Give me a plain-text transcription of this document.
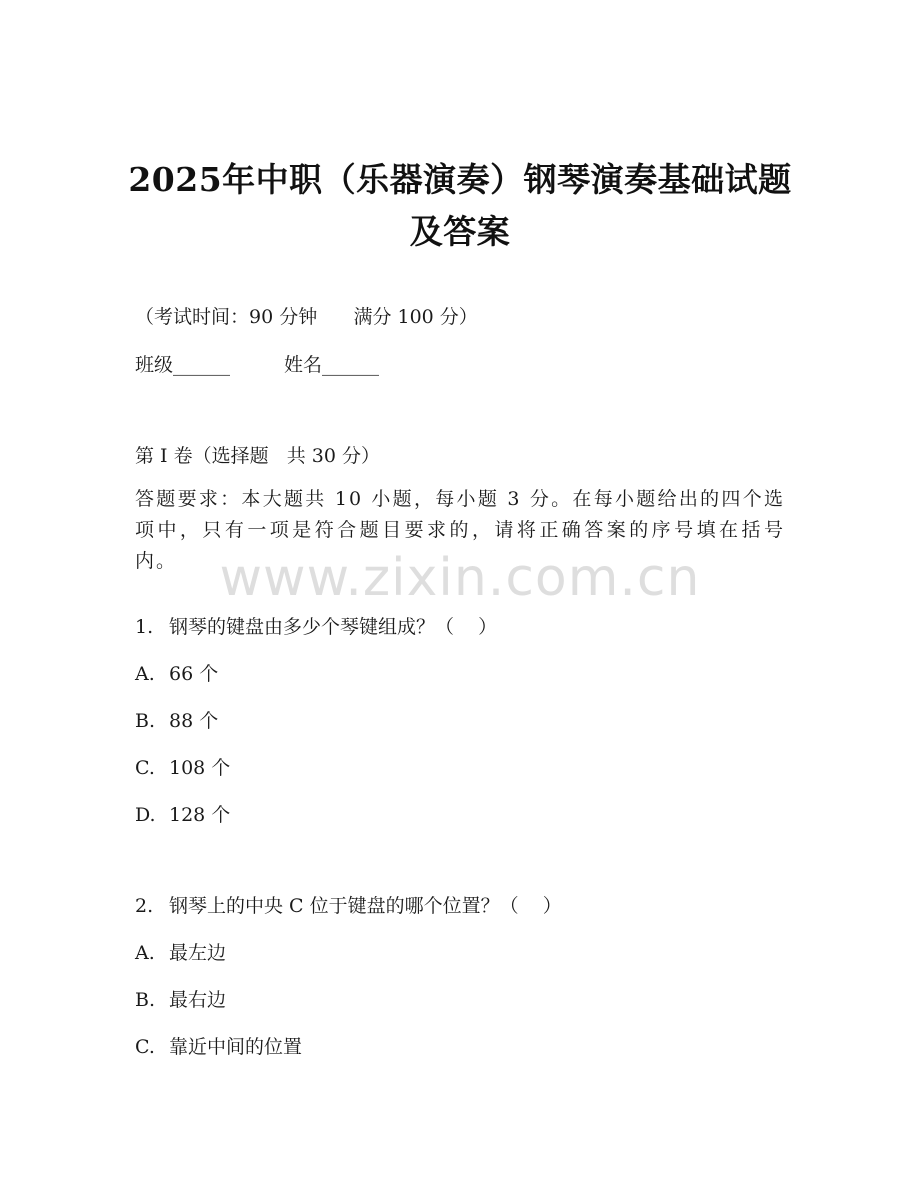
2025年中职（乐器演奏）钢琴演奏基础试题
及答案

（考试时间：90 分钟      满分 100 分）

班级______	姓名______

第 I 卷（选择题   共 30 分）

答题要求：本大题共 10 小题，每小题 3 分。在每小题给出的四个选项中，只有一项是符合题目要求的，请将正确答案的序号填在括号内。 www.zixin.com.cn

1. 钢琴的键盘由多少个琴键组成？（    ）

A. 66 个

B. 88 个

C. 108 个

D. 128 个

2. 钢琴上的中央 C 位于键盘的哪个位置？（    ）

A. 最左边

B. 最右边

C. 靠近中间的位置
